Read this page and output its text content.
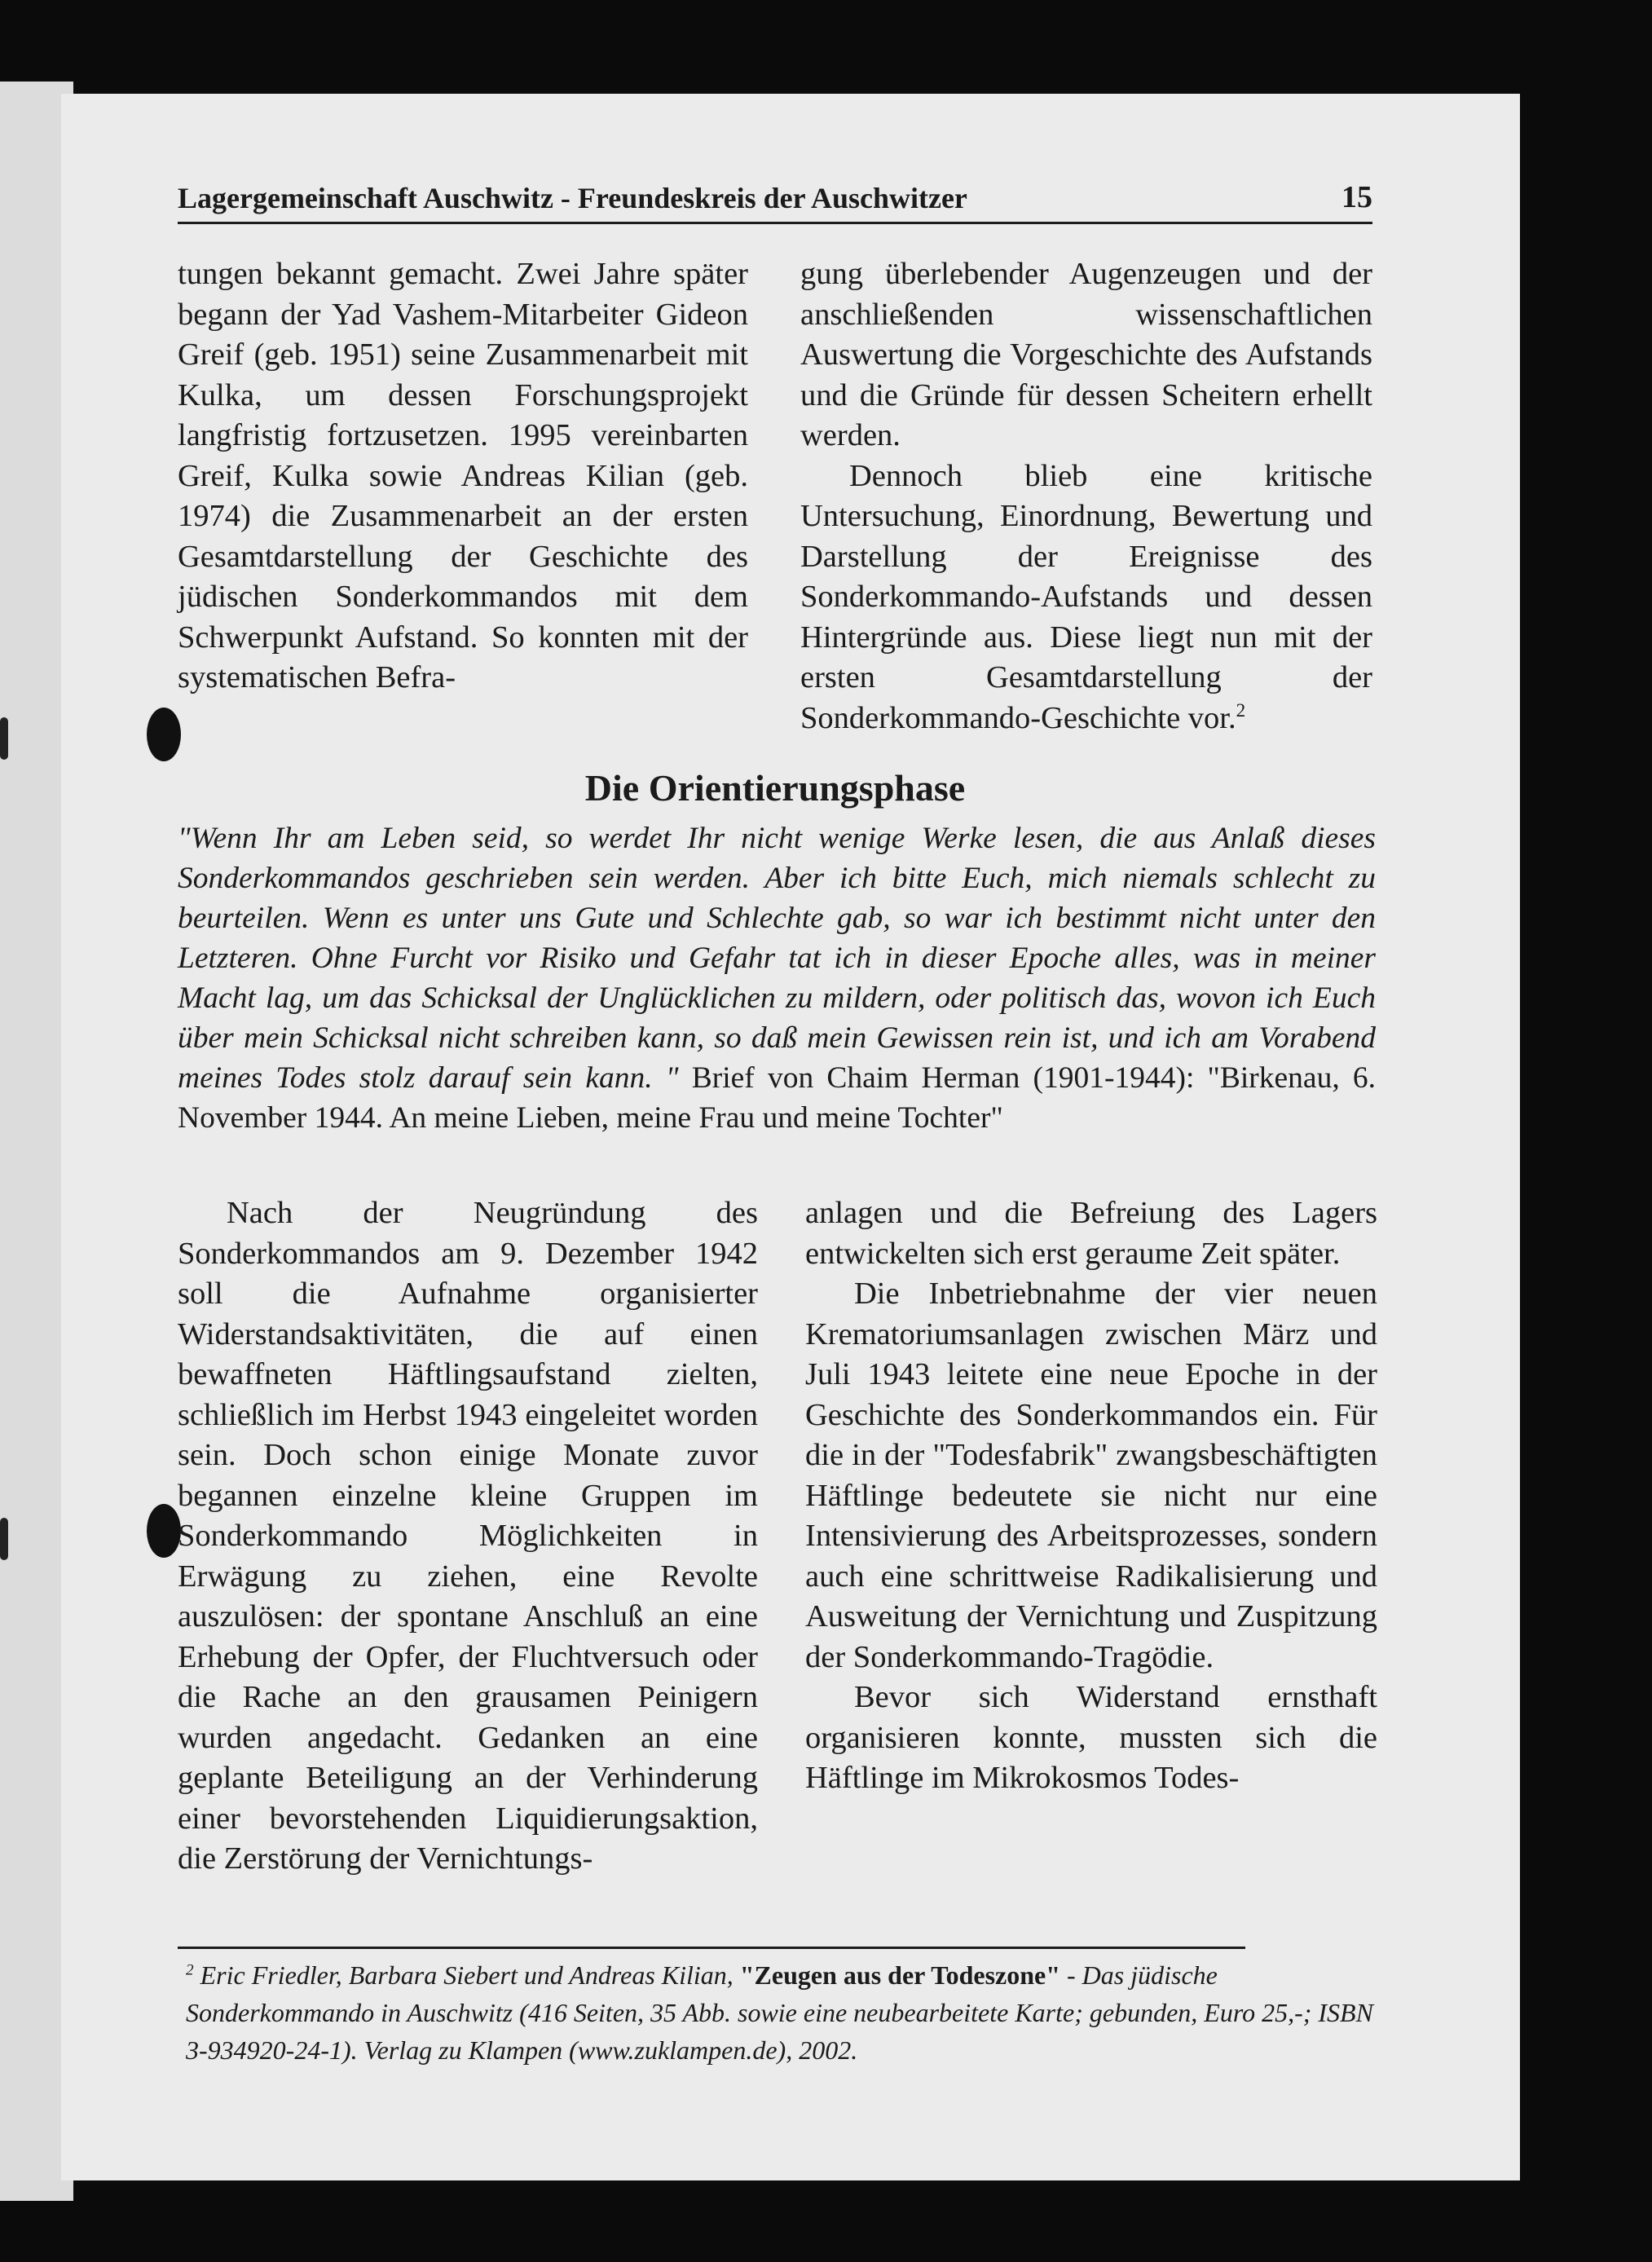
Lagergemeinschaft Auschwitz - Freundeskreis der Auschwitzer	15

tungen bekannt gemacht. Zwei Jahre später begann der Yad Vashem-Mitarbeiter Gideon Greif (geb. 1951) seine Zusammenarbeit mit Kulka, um dessen Forschungsprojekt langfristig fortzusetzen. 1995 vereinbarten Greif, Kulka sowie Andreas Kilian (geb. 1974) die Zusammenarbeit an der ersten Gesamtdarstellung der Geschichte des jüdischen Sonderkommandos mit dem Schwerpunkt Aufstand. So konnten mit der systematischen Befra-

gung überlebender Augenzeugen und der anschließenden wissenschaftlichen Auswertung die Vorgeschichte des Aufstands und die Gründe für dessen Scheitern erhellt werden.

Dennoch blieb eine kritische Untersuchung, Einordnung, Bewertung und Darstellung der Ereignisse des Sonderkommando-Aufstands und dessen Hintergründe aus. Diese liegt nun mit der ersten Gesamtdarstellung der Sonderkommando-Geschichte vor.$^2$

Die Orientierungsphase

"Wenn Ihr am Leben seid, so werdet Ihr nicht wenige Werke lesen, die aus Anlaß dieses Sonderkommandos geschrieben sein werden. Aber ich bitte Euch, mich niemals schlecht zu beurteilen. Wenn es unter uns Gute und Schlechte gab, so war ich bestimmt nicht unter den Letzteren. Ohne Furcht vor Risiko und Gefahr tat ich in dieser Epoche alles, was in meiner Macht lag, um das Schicksal der Unglücklichen zu mildern, oder politisch das, wovon ich Euch über mein Schicksal nicht schreiben kann, so daß mein Gewissen rein ist, und ich am Vorabend meines Todes stolz darauf sein kann. " Brief von Chaim Herman (1901-1944): "Birkenau, 6. November 1944. An meine Lieben, meine Frau und meine Tochter"

Nach der Neugründung des Sonderkommandos am 9. Dezember 1942 soll die Aufnahme organisierter Widerstandsaktivitäten, die auf einen bewaffneten Häftlingsaufstand zielten, schließlich im Herbst 1943 eingeleitet worden sein. Doch schon einige Monate zuvor begannen einzelne kleine Gruppen im Sonderkommando Möglichkeiten in Erwägung zu ziehen, eine Revolte auszulösen: der spontane Anschluß an eine Erhebung der Opfer, der Fluchtversuch oder die Rache an den grausamen Peinigern wurden angedacht. Gedanken an eine geplante Beteiligung an der Verhinderung einer bevorstehenden Liquidierungsaktion, die Zerstörung der Vernichtungs-

anlagen und die Befreiung des Lagers entwickelten sich erst geraume Zeit später.

Die Inbetriebnahme der vier neuen Krematoriumsanlagen zwischen März und Juli 1943 leitete eine neue Epoche in der Geschichte des Sonderkommandos ein. Für die in der "Todesfabrik" zwangsbeschäftigten Häftlinge bedeutete sie nicht nur eine Intensivierung des Arbeitsprozesses, sondern auch eine schrittweise Radikalisierung und Ausweitung der Vernichtung und Zuspitzung der Sonderkommando-Tragödie.

Bevor sich Widerstand ernsthaft organisieren konnte, mussten sich die Häftlinge im Mikrokosmos Todes-

$^2$ Eric Friedler, Barbara Siebert und Andreas Kilian, "Zeugen aus der Todeszone" - Das jüdische Sonderkommando in Auschwitz (416 Seiten, 35 Abb. sowie eine neubearbeitete Karte; gebunden, Euro 25,-; ISBN 3-934920-24-1). Verlag zu Klampen (www.zuklampen.de), 2002.
